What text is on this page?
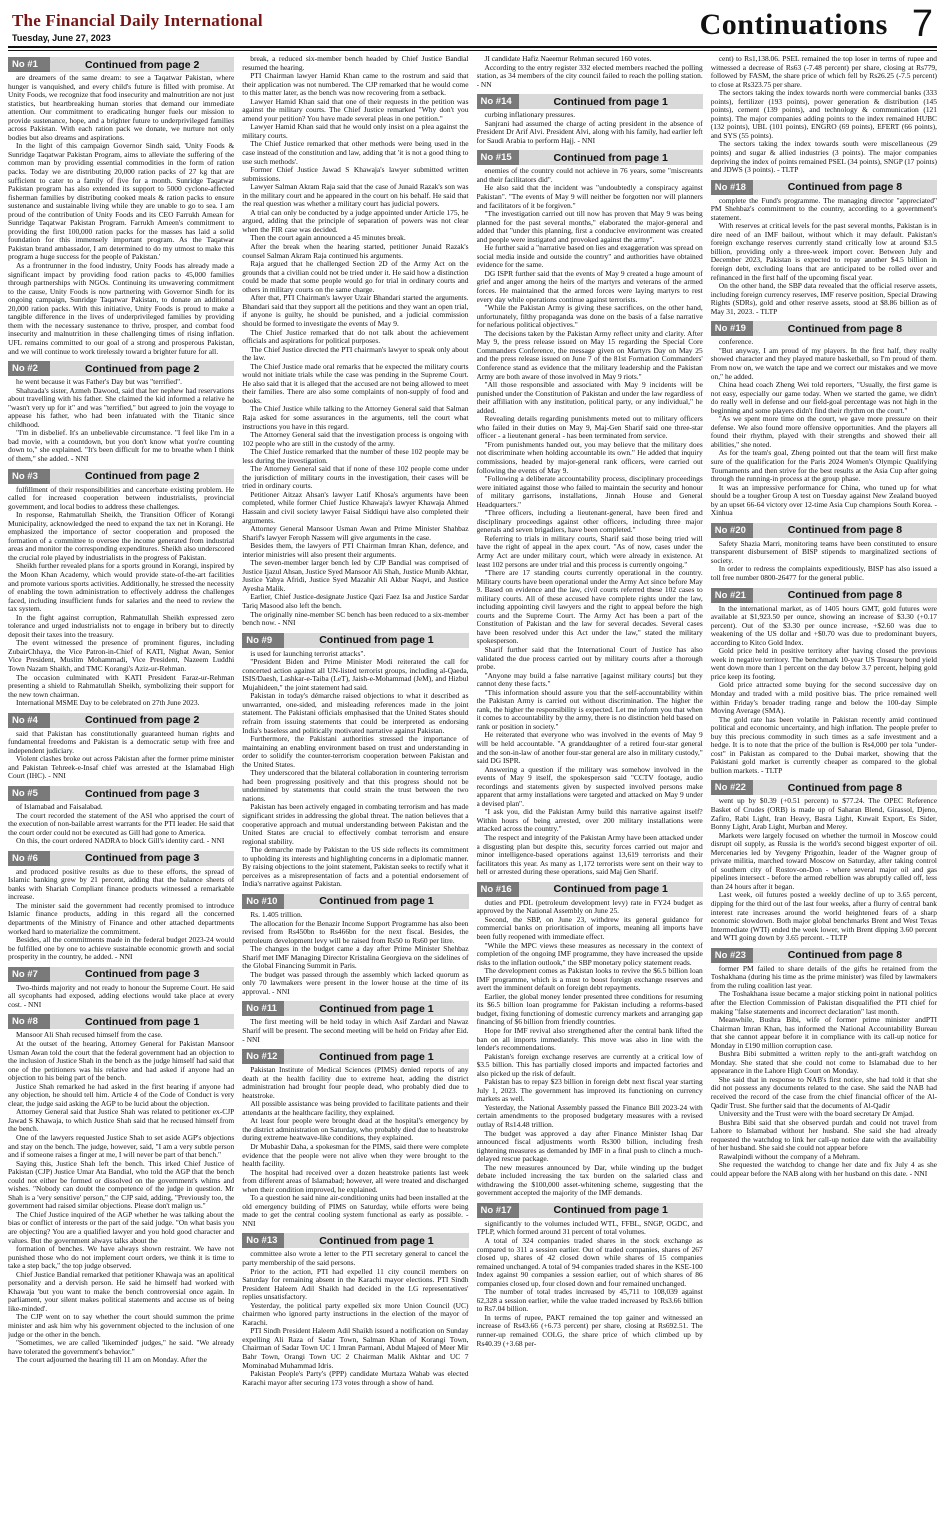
The Financial Daily International
Tuesday, June 27, 2023	Continuations 7
No #1	Continued from page 2

are dreamers of the same dream: to see a Taqatwar Pakistan, where hunger is vanquished, and every child's future is filled with promise. At Unity Foods, we recognize that food insecurity and malnutrition are not just statistics, but heartbreaking human stories that demand our immediate attention. Our commitment to eradicating hunger fuels our mission to provide sustenance, hope, and a brighter future to underprivileged families across Pakistan. With each ration pack we donate, we nurture not only bodies but also dreams and aspirations.

In the light of this campaign Governor Sindh said, 'Unity Foods & Sunridge Taqatwar Pakistan Program, aims to alleviate the suffering of the common man by providing essential commodities in the form of ration packs. Today we are distributing 20,000 ration packs of 27 kg that are sufficient to cater to a family of five for a month. Sunridge Taqatwar Pakistan program has also extended its support to 5000 cyclone-affected fisherman families by distributing cooked meals & ration packs to ensure sustenance and sustainable living while they are unable to go to sea. I am proud of the contribution of Unity Foods and its CEO Farrukh Amean for Sunridge Taqatwar Pakistan Program. Farrukh Ameen's commitment to providing the first 100,000 ration packs for the masses has laid a solid foundation for this immensely important program. As the Taqatwar Pakistan brand ambassador, I am determined to do my utmost to make this program a huge success for the people of Pakistan.'

As a frontrunner in the food industry, Unity Foods has already made a significant impact by providing food ration packs to 45,000 families through partnerships with NGOs. Continuing its unwavering commitment to the cause, Unity Foods is now partnering with Governor Sindh for its ongoing campaign, Sunridge Taqatwar Pakistan, to donate an additional 20,000 ration packs. With this initiative, Unity Foods is proud to make a tangible difference in the lives of underprivileged families by providing them with the necessary sustenance to thrive, prosper, and combat food insecurity and malnutrition in these challenging times of rising inflation. UFL remains committed to our goal of a strong and prosperous Pakistan, and we will continue to work tirelessly toward a brighter future for all.

No #2	Continued from page 2

he went because it was Father's Day but was "terrified".

Shahzada's sister, Azmeh Dawood, said that her nephew had reservations about travelling with his father. She claimed the kid informed a relative he "wasn't very up for it" and was "terrified," but agreed to join the voyage to appease his father, who had been infatuated with the Titanic since childhood.

"I'm in disbelief. It's an unbelievable circumstance. "I feel like I'm in a bad movie, with a countdown, but you don't know what you're counting down to," she explained. "It's been difficult for me to breathe when I think of them," she added. - NNI

No #3	Continued from page 2

fulfillment of their responsibilities and cancerbate existing problem. He called for increased cooperation between industrialists, provincial government, and local bodies to address these challenges.

In response, Rahmatullah Sheikh, the Transition Officer of Korangi Municipality, acknowledged the need to expand the tax net in Korangi. He emphasized the importance of sector cooperation and proposed the formation of a committee to oversee the income generated from industrial areas and monitor the corresponding expenditures. Sheikh also underscored the crucial role played by industrialists in the progress of Pakistan.

Sheikh further revealed plans for a sports ground in Korangi, inspired by the Moon Khan Academy, which would provide state-of-the-art facilities and promote various sports activities. Additionally, he stressed the necessity of enabling the town administration to effectively address the challenges faced, including insufficient funds for salaries and the need to review the tax system.

In the fight against corruption, Rahmatullah Sheikh expressed zero tolerance and urged industrialists not to engage in bribery but to directly deposit their taxes into the treasury.

The event witnessed the presence of prominent figures, including ZubairChhaya, the Vice Patron-in-Chief of KATI, Nighat Awan, Senior Vice President, Muslim Mohammadi, Vice President, Nazeem Luddhi Town Nazam Shaikh, and TMC Korangi's Aziz-ur-Rehman.

The occasion culminated with KATI President Faraz-ur-Rehman presenting a shield to Rahmatullah Sheikh, symbolizing their support for the new town chairman.

International MSME Day to be celebrated on 27th June 2023.

No #4	Continued from page 2

said that Pakistan has constitutionally guaranteed human rights and fundamental freedoms and Pakistan is a democratic setup with free and independent judiciary.

Violent clashes broke out across Pakistan after the former prime minister and Pakistan Tehreek-e-Insaf chief was arrested at the Islamabad High Court (IHC). - NNI

No #5	Continued from page 3

of Islamabad and Faisalabad.

The court recorded the statement of the ASI who apprised the court of the execution of non-bailable arrest warrants for the PTI leader. He said that the court order could not be executed as Gill had gone to America.

On this, the court ordered NADRA to block Gill's identity card. - NNI

No #6	Continued from page 3

and produced positive results as due to these efforts, the spread of Islamic banking grew by 21 percent, adding that the balance sheets of banks with Shariah Compliant finance products witnessed a remarkable increase.

The minister said the government had recently promised to introduce Islamic finance products, adding in this regard all the concerned departments of the Ministry of Finance and other attached departments worked hard to materialize the commitment.

Besides, all the commitments made in the federal budget 2023-24 would be fulfilled one by one to achieve sustainable economic growth and social prosperity in the country, he added. - NNI

No #7	Continued from page 3

Two-thirds majority and not ready to honour the Supreme Court. He said all sycophants had exposed, adding elections would take place at every cost. - NNI

No #8	Continued from page 1

Mansoor Ali Shah recused himself from the case.

At the outset of the hearing, Attorney General for Pakistan Mansoor Usman Awan told the court that the federal government had an objection to the inclusion of Justice Shah in the bench as the judge himself had said that one of the petitioners was his relative and had asked if anyone had an objection to his being part of the bench.

Justice Shah remarked he had asked in the first hearing if anyone had any objection, he should tell him. Article 4 of the Code of Conduct is very clear, the judge said asking the AGP to be lucid about the objection.

Attorney General said that Justice Shah was related to petitioner ex-CJP Jawad S Khawaja, to which Justice Shah said that he recused himself from the bench.

One of the lawyers requested Justice Shah to set aside AGP's objections and stay on the bench. The judge, however, said, "I am a very subtle person and if someone raises a finger at me, I will never be part of that bench."

Saying this, Justice Shah left the bench. This irked Chief Justice of Pakistan (CJP) Justice Umar Ata Bandial, who told the AGP that the bench could not either be formed or dissolved on the government's whims and wishes. "Nobody can doubt the competence of the judge in question. Mr Shah is a 'very sensitive' person," the CJP said, adding, "Previously too, the government had raised similar objections. Please don't malign us."

The Chief Justice inquired of the AGP whether he was talking about the bias or conflict of interests or the part of the said judge. "On what basis you are objecting? You are a qualified lawyer and you hold good character and values. But the government always talks about the

formation of benches. We have always shown restraint. We have not punished those who do not implement court orders, we think it is time to take a step back," the top judge observed.

Chief Justice Bandial remarked that petitioner Khawaja was an apolitical personality and a dervish person. He said he himself had worked with Khawaja 'but you want to make the bench controversial once again. In parliament, your silent makes political statements and accuse us of being like-minded'.

The CJP went on to say whether the court should summon the prime minister and ask him why his government objected to the inclusion of one judge or the other in the bench.

"Sometimes, we are called 'likeminded' judges," he said. "We already have tolerated the government's behavior."

The court adjourned the hearing till 11 am on Monday. After the

break, a reduced six-member bench headed by Chief Justice Bandial resumed the hearing.

PTI Chairman lawyer Hamid Khan came to the rostrum and said that their application was not numbered. The CJP remarked that he would come to this matter later, as the bench was now recovering from a setback.

Lawyer Hamid Khan said that one of their requests in the petition was against the military courts. The Chief Justice remarked "Why don't you amend your petition? You have made several pleas in one petition."

Lawyer Hamid Khan said that he would only insist on a plea against the military courts.

The Chief Justice remarked that other methods were being used in the case instead of the constitution and law, adding that 'it is not a good thing to use such methods'.

Former Chief Justice Jawad S Khawaja's lawyer submitted written submissions.

Lawyer Salman Akram Raja said that the case of Junaid Razak's son was in the military court and he appeared in the court on his behalf. He said that the real question was whether a military court has judicial powers.

A trial can only be conducted by a judge appointed under Article 175, he argued, adding that the principle of separation of powers was not clear when the FIR case was decided.

Then the court again announced a 45 minutes break.

After the break when the hearing started, petitioner Junaid Razak's counsel Salman Akram Raja continued his arguments.

Raja argued that he challenged Section 2D of the Army Act on the grounds that a civilian could not be tried under it. He said how a distinction could be made that some people would go for trial in ordinary courts and others in military courts on the same charge.

After that, PTI Chairman's lawyer Uzair Bhandari started the arguments. Bhandari said that they support all the petitions and they want an open trial, if anyone is guilty, he should be punished, and a judicial commission should be formed to investigate the events of May 9.

The Chief Justice remarked that do not talk about the achievement officials and aspirations for political purposes.

The Chief Justice directed the PTI chairman's lawyer to speak only about the law.

The Chief Justice made oral remarks that he expected the military courts would not initiate trials while the case was pending in the Supreme Court. He also said that it is alleged that the accused are not being allowed to meet their families. There are also some complaints of non-supply of food and books.

The Chief Justice while talking to the Attorney General said that Salman Raja asked for some assurances in the arguments, tell the court what instructions you have in this regard.

The Attorney General said that the investigation process is ongoing with 102 people who are still in the custody of the army.

The Chief Justice remarked that the number of these 102 people may be less during the investigation.

The Attorney General said that if none of these 102 people come under the jurisdiction of military courts in the investigation, their cases will be tried in ordinary courts.

Petitioner Aitzaz Ahsan's lawyer Latif Khosa's arguments have been completed, while former Chief Justice Khawaja's lawyer Khawaja Ahmed Hassain and civil society lawyer Faisal Siddiqui have also completed their arguments.

Attorney General Mansoor Usman Awan and Prime Minister Shahbaz Sharif's lawyer Feroph Nassem will give arguments in the case.

Besides them, the lawyers of PTI Chairman Imran Khan, defence, and interior ministries will also present their arguments.

The seven-member larger bench led by CJP Bandial was comprised of Justice Ijazul Ahsan, Justice Syed Mansoor Ali Shah, Justice Munib Akhtar, Justice Yahya Afridi, Justice Syed Mazahir Ali Akbar Naqvi, and Justice Ayesha Malik.

Earlier, Chief Justice-designate Justice Qazi Faez Isa and Justice Sardar Tariq Masood also left the bench.

The originally nine-member SC bench has been reduced to a six-member bench now. - NNI

No #9	Continued from page 1

is used for launching terrorist attacks".

"President Biden and Prime Minister Modi reiterated the call for concerted action against all UN-listed terrorist groups, including al-Qaeda, ISIS/Daesh, Lashkar-e-Taiba (LeT), Jaish-e-Mohammad (JeM), and Hizbul Mujahideen," the joint statement had said.

Pakistan in today's démarche raised objections to what it described as unwarranted, one-sided, and misleading references made in the joint statement. The Pakistani officials emphasised that the United States should refrain from issuing statements that could be interpreted as endorsing India's baseless and politically motivated narrative against Pakistan.

Furthermore, the Pakistani authorities stressed the importance of maintaining an enabling environment based on trust and understanding in order to solidify the counter-terrorism cooperation between Pakistan and the United States.

They underscored that the bilateral collaboration in countering terrorism had been progressing positively and that this progress should not be undermined by statements that could strain the trust between the two nations.

Pakistan has been actively engaged in combating terrorism and has made significant strides in addressing the global threat. The nation believes that a cooperative approach and mutual understanding between Pakistan and the United States are crucial to effectively combat terrorism and ensure regional stability.

The demarche made by Pakistan to the US side reflects its commitment to upholding its interests and highlighting concerns in a diplomatic manner. By raising objections to the joint statement, Pakistan seeks to rectify what it perceives as a misrepresentation of facts and a potential endorsement of India's narrative against Pakistan.

No #10	Continued from page 1

Rs. 1.405 trillion.

The allocation for the Benazir Income Support Programme has also been revised from Rs450bn to Rs466bn for the next fiscal. Besides, the petroleum development levy will be raised from Rs50 to Rs60 per litre.

The changes in the budget came a day after Prime Minister Shehbaz Sharif met IMF Managing Director Kristalina Georgieva on the sidelines of the Global Financing Summit in Paris.

The budget was passed through the assembly which lacked quorum as only 70 lawmakers were present in the lower house at the time of its approval. - NNI

No #11	Continued from page 1

The first meeting will be held today in which Asif Zardari and Nawaz Sharif will be present. The second meeting will be held on Friday after Eid. - NNI

No #12	Continued from page 1

Pakistan Institute of Medical Sciences (PIMS) denied reports of any death at the health facility due to extreme heat, adding the district administration had brought four people dead, who probably died due to heatstroke.

All possible assistance was being provided to facilitate patients and their attendants at the healthcare facility, they explained.

At least four people were brought dead at the hospital's emergency by the district administration on Saturday, who probably died due to heatstroke during extreme heatwave-like conditions, they explained.

Dr Mubashir Daha, a spokesman for the PIMS, said there were complete evidence that the people were not alive when they were brought to the health facility.

The hospital had received over a dozen heatstroke patients last week from different areas of Islamabad; however, all were treated and discharged when their condition improved, he explained.

To a question he said nine air-conditioning units had been installed at the old emergency building of PIMS on Saturday, while efforts were being made to get the central cooling system functional as early as possible. - NNI

No #13	Continued from page 1

committee also wrote a letter to the PTI secretary general to cancel the party membership of the said persons.

Prior to the action, PTI had expelled 11 city council members on Saturday for remaining absent in the Karachi mayor elections. PTI Sindh President Haleem Adil Shaikh had decided in the LG representatives' replies unsatisfactory.

Yesterday, the political party expelled six more Union Council (UC) chairmen who ignored party instructions in the election of the mayor of Karachi.

PTI Sindh President Haleem Adil Shaikh issued a notification on Sunday expelling Ali Raza of Sadar Town, Salman Khan of Korangi Town, Chairman of Sadar Town UC 1 Imran Parmani, Abdul Majeed of Meer Mir Bahr Town, Orangi Town UC 2 Chairman Malik Akhtar and UC 7 Mominabad Muhammad Idris.

Pakistan People's Party's (PPP) candidate Murtaza Wahab was elected Karachi mayor after securing 173 votes through a show of hand.

JI candidate Hafiz Naeemur Rehman secured 160 votes.

According to the entry register 332 elected members reached the polling station, as 34 members of the city council failed to reach the polling station. - NN

No #14	Continued from page 1

curbing inflationary pressures.

Sanjrani had assumed the charge of acting president in the absence of President Dr Arif Alvi. President Alvi, along with his family, had earlier left for Saudi Arabia to perform Hajj. - NNI

No #15	Continued from page 1

enemies of the country could not achieve in 76 years, some "miscreants and their facilitators did".

He also said that the incident was "undoubtedly a conspiracy against Pakistan". "The events of May 9 will neither be forgotten nor will planners and facilitators of it be forgiven."

"The investigation carried out till now has proven that May 9 was being planned for the past several months," elaborated the major-general and added that "under this planning, first a conducive environment was created and people were instigated and provoked against the army".

He further said a "narrative based on lies and exaggeration was spread on social media inside and outside the country" and authorities have obtained evidence for the same.

DG ISPR further said that the events of May 9 created a huge amount of grief and anger among the heirs of the martyrs and veterans of the armed forces. He maintained that the armed forces were laying martyrs to rest every day while operations continue against terrorists.

"While the Pakistan Army is giving these sacrifices, on the other hand, unfortunately, filthy propaganda was done on the basis of a false narrative for nefarious political objectives."

The decisions taken by the Pakistan Army reflect unity and clarity. After May 9, the press release issued on May 15 regarding the Special Core Commanders Conference, the message given on Martyrs Day on May 25 and the press release issued on June 7 of the 81st Formation Commanders' Conference stand as evidence that the military leadership and the Pakistan Army are both aware of those involved in May 9 riots."

"All those responsible and associated with May 9 incidents will be punished under the Constitution of Pakistan and under the law regardless of their affiliation with any institution, political party, or any individual," he added.

Revealing details regarding punishments meted out to military officers who failed in their duties on May 9, Maj-Gen Sharif said one three-star officer - a lieutenant general - has been terminated from service.

"From punishments handed out, you may believe that the military does not discriminate when holding accountable its own." He added that inquiry commissions, headed by major-general rank officers, were carried out following the events of May 9.

"Following a deliberate accountability process, disciplinary proceedings were initiated against those who failed to maintain the security and honour of military garrisons, installations, Jinnah House and General Headquarters."

"Three officers, including a lieutenant-general, have been fired and disciplinary proceedings against other officers, including three major generals and seven brigadiers, have been completed."

Referring to trials in military courts, Sharif said those being tried will have the right of appeal in the apex court. "As of now, cases under the Army Act are under military court, which were already in existence. At least 102 persons are under trial and this process is currently ongoing."

"There are 17 standing courts currently operational in the country. Military courts have been operational under the Army Act since before May 9. Based on evidence and the law, civil courts referred these 102 cases to military courts. All of these accused have complete rights under the law, including appointing civil lawyers and the right to appeal before the high courts and the Supreme Court. The Army Act has been a part of the Constitution of Pakistan and the law for several decades. Several cases have been resolved under this Act under the law," stated the military spokesperson.

Sharif further said that the International Court of Justice has also validated the due process carried out by military courts after a thorough probe.

"Anyone may build a false narrative [against military courts] but they cannot deny these facts."

"This information should assure you that the self-accountability within the Pakistan Army is carried out without discrimination. The higher the rank, the higher the responsibility is expected. Let me inform you that when it comes to accountability by the army, there is no distinction held based on rank or position in society."

He reiterated that everyone who was involved in the events of May 9 will be held accountable. "A granddaughter of a retired four-star general and the son-in-law of another four-star general are also in military custody," said DG ISPR.

Answering a question if the military was somehow involved in the events of May 9 itself, the spokesperson said "CCTV footage, audio recordings and statements given by suspected involved persons make apparent that army installations were targeted and attacked on May 9 under a devised plan".

"I ask you, did the Pakistan Army build this narrative against itself? Within hours of being arrested, over 200 military installations were attacked across the country."

The respect and integrity of the Pakistan Army have been attacked under a disgusting plan but despite this, security forces carried out major and minor intelligence-based operations against 13,619 terrorists and their facilitators this year. As many as 1,172 terrorists were sent on their way to hell or arrested during these operations, said Maj Gen Sharif.

No #16	Continued from page 1

duties and PDL (petroleum development levy) rate in FY24 budget as approved by the National Assembly on June 25.

Second, the SBP, on June 23, withdrew its general guidance for commercial banks on prioritisation of imports, meaning all imports have been fully reopened with immediate effect.

"While the MPC views these measures as necessary in the context of completion of the ongoing IMF programme, they have increased the upside risks to the inflation outlook," the SBP monetary policy statement reads.

The development comes as Pakistan looks to revive the $6.5 billion loan IMF programme, which is a must to boost foreign exchange reserves and avert the imminent default on foreign debt repayments.

Earlier, the global money lender presented three conditions for resuming its $6.5 billion loan programme for Pakistan including a reforms-based budget, fixing functioning of domestic currency markets and arranging gap financing of $6 billion from friendly countries.

Hope for IMF revival also strengthened after the central bank lifted the ban on all imports immediately. This move was also in line with the lender's recommendations.

Pakistan's foreign exchange reserves are currently at a critical low of $3.5 billion. This has partially closed imports and impacted factories and also picked up the risk of default.

Pakistan has to repay $23 billion in foreign debt next fiscal year starting July 1, 2023. The government has improved its functioning on currency markets as well.

Yesterday, the National Assembly passed the Finance Bill 2023-24 with certain amendments to the proposed budgetary measures with a revised outlay of Rs14.48 trillion.

The budget was approved a day after Finance Minister Ishaq Dar announced fiscal adjustments worth Rs300 billion, including fresh tightening measures as demanded by IMF in a final push to clinch a much-delayed rescue package.

The new measures announced by Dar, while winding up the budget debate included increasing the tax burden on the salaried class and withdrawing the $100,000 asset-whitening scheme, suggesting that the government accepted the majority of the IMF demands.

No #17	Continued from page 1

significantly to the volumes included WTL, FFBL, SNGP, OGDC, and TPLP, which formed around 31 percent of total volumes.

A total of 324 companies traded shares in the stock exchange as compared to 311 a session earlier. Out of traded companies, shares of 267 closed up, shares of 42 closed down while shares of 15 companies remained unchanged. A total of 94 companies traded shares in the KSE-100 Index against 90 companies a session earlier, out of which shares of 86 companies closed up, four closed down and four remained unchanged.

The number of total trades increased by 45,711 to 108,039 against 62,328 a session earlier, while the value traded increased by Rs3.66 billion to Rs7.04 billion.

In terms of rupee, PAKT remained the top gainer and witnessed an increase of Rs43.66 (+6.73 percent) per share, closing at Rs692.51. The runner-up remained COLG, the share price of which climbed up by Rs40.39 (+3.68 per-

cent) to Rs1,138.06. PSEL remained the top loser in terms of rupee and witnessed a decrease of Rs63 (-7.48 percent) per share, closing at Rs779, followed by FASM, the share price of which fell by Rs26.25 (-7.5 percent) to close at Rs323.75 per share.

The sectors taking the index towards north were commercial banks (333 points), fertilizer (193 points), power generation & distribution (145 points), cement (139 points), and technology & communication (121 points). The major companies adding points to the index remained HUBC (132 points), UBL (101 points), ENGRO (69 points), EFERT (66 points), and SYS (55 points).

The sectors taking the index towards south were miscellaneous (29 points) and sugar & allied industries (3 points). The major companies depriving the index of points remained PSEL (34 points), SNGP (17 points) and JDWS (3 points). - TLTP

No #18	Continued from page 8

complete the Fund's programme. The managing director "appreciated" PM Shehbaz's commitment to the country, according to a government's statement.

With reserves at critical levels for the past several months, Pakistan is in dire need of an IMF bailout, without which it may default. Pakistan's foreign exchange reserves currently stand critically low at around $3.5 billion, providing only a three-week import cover. Between July and December 2023, Pakistan is expected to repay another $4.5 billion in foreign debt, excluding loans that are anticipated to be rolled over and refinanced in the first half of the upcoming fiscal year.

On the other hand, the SBP data revealed that the official reserve assets, including foreign currency reserves, IMF reserve position, Special Drawing Rights (SDRs), gold and other reserve assets, stood at $8.86 billion as of May 31, 2023. - TLTP

No #19	Continued from page 8

conference.

"But anyway, I am proud of my players. In the first half, they really showed character and they played mature basketball, so I'm proud of them. From now on, we watch the tape and we correct our mistakes and we move on," he added.

China head coach Zheng Wei told reporters, "Usually, the first game is not easy, especially our game today. When we started the game, we didn't do really well in defense and our field-goal percentage was not high in the beginning and some players didn't find their rhythm on the court."

"As we spent more time on the court, we gave more pressure on their defense. We also found more offensive opportunities. And the players all found their rhythm, played with their strengths and showed their all abilities," she noted.

As for the team's goal, Zheng pointed out that the team will first make sure of the qualification for the Paris 2024 Women's Olympic Qualifying Tournaments and then strive for the best results at the Asia Cup after going through the running-in process at the group phase.

It was an impressive performance for China, who tuned up for what should be a tougher Group A test on Tuesday against New Zealand buoyed by an upset 66-64 victory over 12-time Asia Cup champions South Korea. - Xinhua

No #20	Continued from page 8

Safety Shazia Marri, monitoring teams have been constituted to ensure transparent disbursement of BISP stipends to marginalized sections of society.

In order to redress the complaints expeditiously, BISP has also issued a toll free number 0800-26477 for the general public.

No #21	Continued from page 8

In the international market, as of 1405 hours GMT, gold futures were available at $1,923.50 per ounce, showing an increase of $3.30 (+0.17 percent). Out of the $3.30 per ounce increase, +$2.60 was due to weakening of the US dollar and +$0.70 was due to predominant buyers, according to Kitco Gold Index.

Gold price held in positive territory after having closed the previous week in negative territory. The benchmark 10-year US Treasury bond yield went down more than 1 percent on the day below 3.7 percent, helping gold price keep its footing.

Gold price attracted some buying for the second successive day on Monday and traded with a mild positive bias. The price remained well within Friday's broader trading range and below the 100-day Simple Moving Average (SMA).

The gold rate has been volatile in Pakistan recently amid continued political and economic uncertainty, and high inflation. The people prefer to buy this precious commodity in such times as a safe investment and a hedge. It is to note that the price of the bullion is Rs4,000 per tola "under-cost" in Pakistan as compared to the Dubai market, showing that the Pakistani gold market is currently cheaper as compared to the global bullion markets. - TLTP

No #22	Continued from page 8

went up by $0.39 (+0.51 percent) to $77.24. The OPEC Reference Basket of Crudes (ORB) is made up of Saharan Blend, Girassol, Djeno, Zafiro, Rabi Light, Iran Heavy, Basra Light, Kuwait Export, Es Sider, Bonny Light, Arab Light, Murban and Merey.

Markets were largely focused on whether the turmoil in Moscow could disrupt oil supply, as Russia is the world's second biggest exporter of oil. Mercenaries led by Yevgeny Prigozhin, leader of the Wagner group of private militia, marched toward Moscow on Saturday, after taking control of southern city of Rostov-on-Don - where several major oil and gas pipelines intersect - before the armed rebellion was abruptly called off, less than 24 hours after it began.

Last week, oil futures posted a weekly decline of up to 3.65 percent, dipping for the third out of the last four weeks, after a flurry of central bank interest rate increases around the world heightened fears of a sharp economic slowdown. Both major global benchmarks Brent and West Texas Intermediate (WTI) ended the week lower, with Brent dipping 3.60 percent and WTI going down by 3.65 percent. - TLTP

No #23	Continued from page 8

former PM failed to share details of the gifts he retained from the Toshakhana (during his time as the prime minister) was filed by lawmakers from the ruling coalition last year.

The Toshakhana issue became a major sticking point in national politics after the Election Commission of Pakistan disqualified the PTI chief for making "false statements and incorrect declaration" last month.

Meanwhile, Bushra Bibi, wife of former prime minister andPTI Chairman Imran Khan, has informed the National Accountability Bureau that she cannot appear before it in compliance with its call-up notice for Monday in £190 million corruption case.

Bushra Bibi submitted a written reply to the anti-graft watchdog on Monday. She stated that she could not come to Islamabad due to her appearance in the Lahore High Court on Monday.

She said that in response to NAB's first notice, she had told it that she did not possess any documents related to the case. She said the NAB had received the record of the case from the chief financial officer of the Al-Qadir Trust. She further said that the documents of Al-Qadir

University and the Trust were with the board secretary Dr Amjad.

Bushra Bibi said that she observed purdah and could not travel from Lahore to Islamabad without her husband. She said she had already requested the watchdog to link her call-up notice date with the availability of her husband. She said she could not appear before

Rawalpindi without the company of a Mehram.

She requested the watchdog to change her date and fix July 4 as she could appear before the NAB along with her husband on this date. - NNI
